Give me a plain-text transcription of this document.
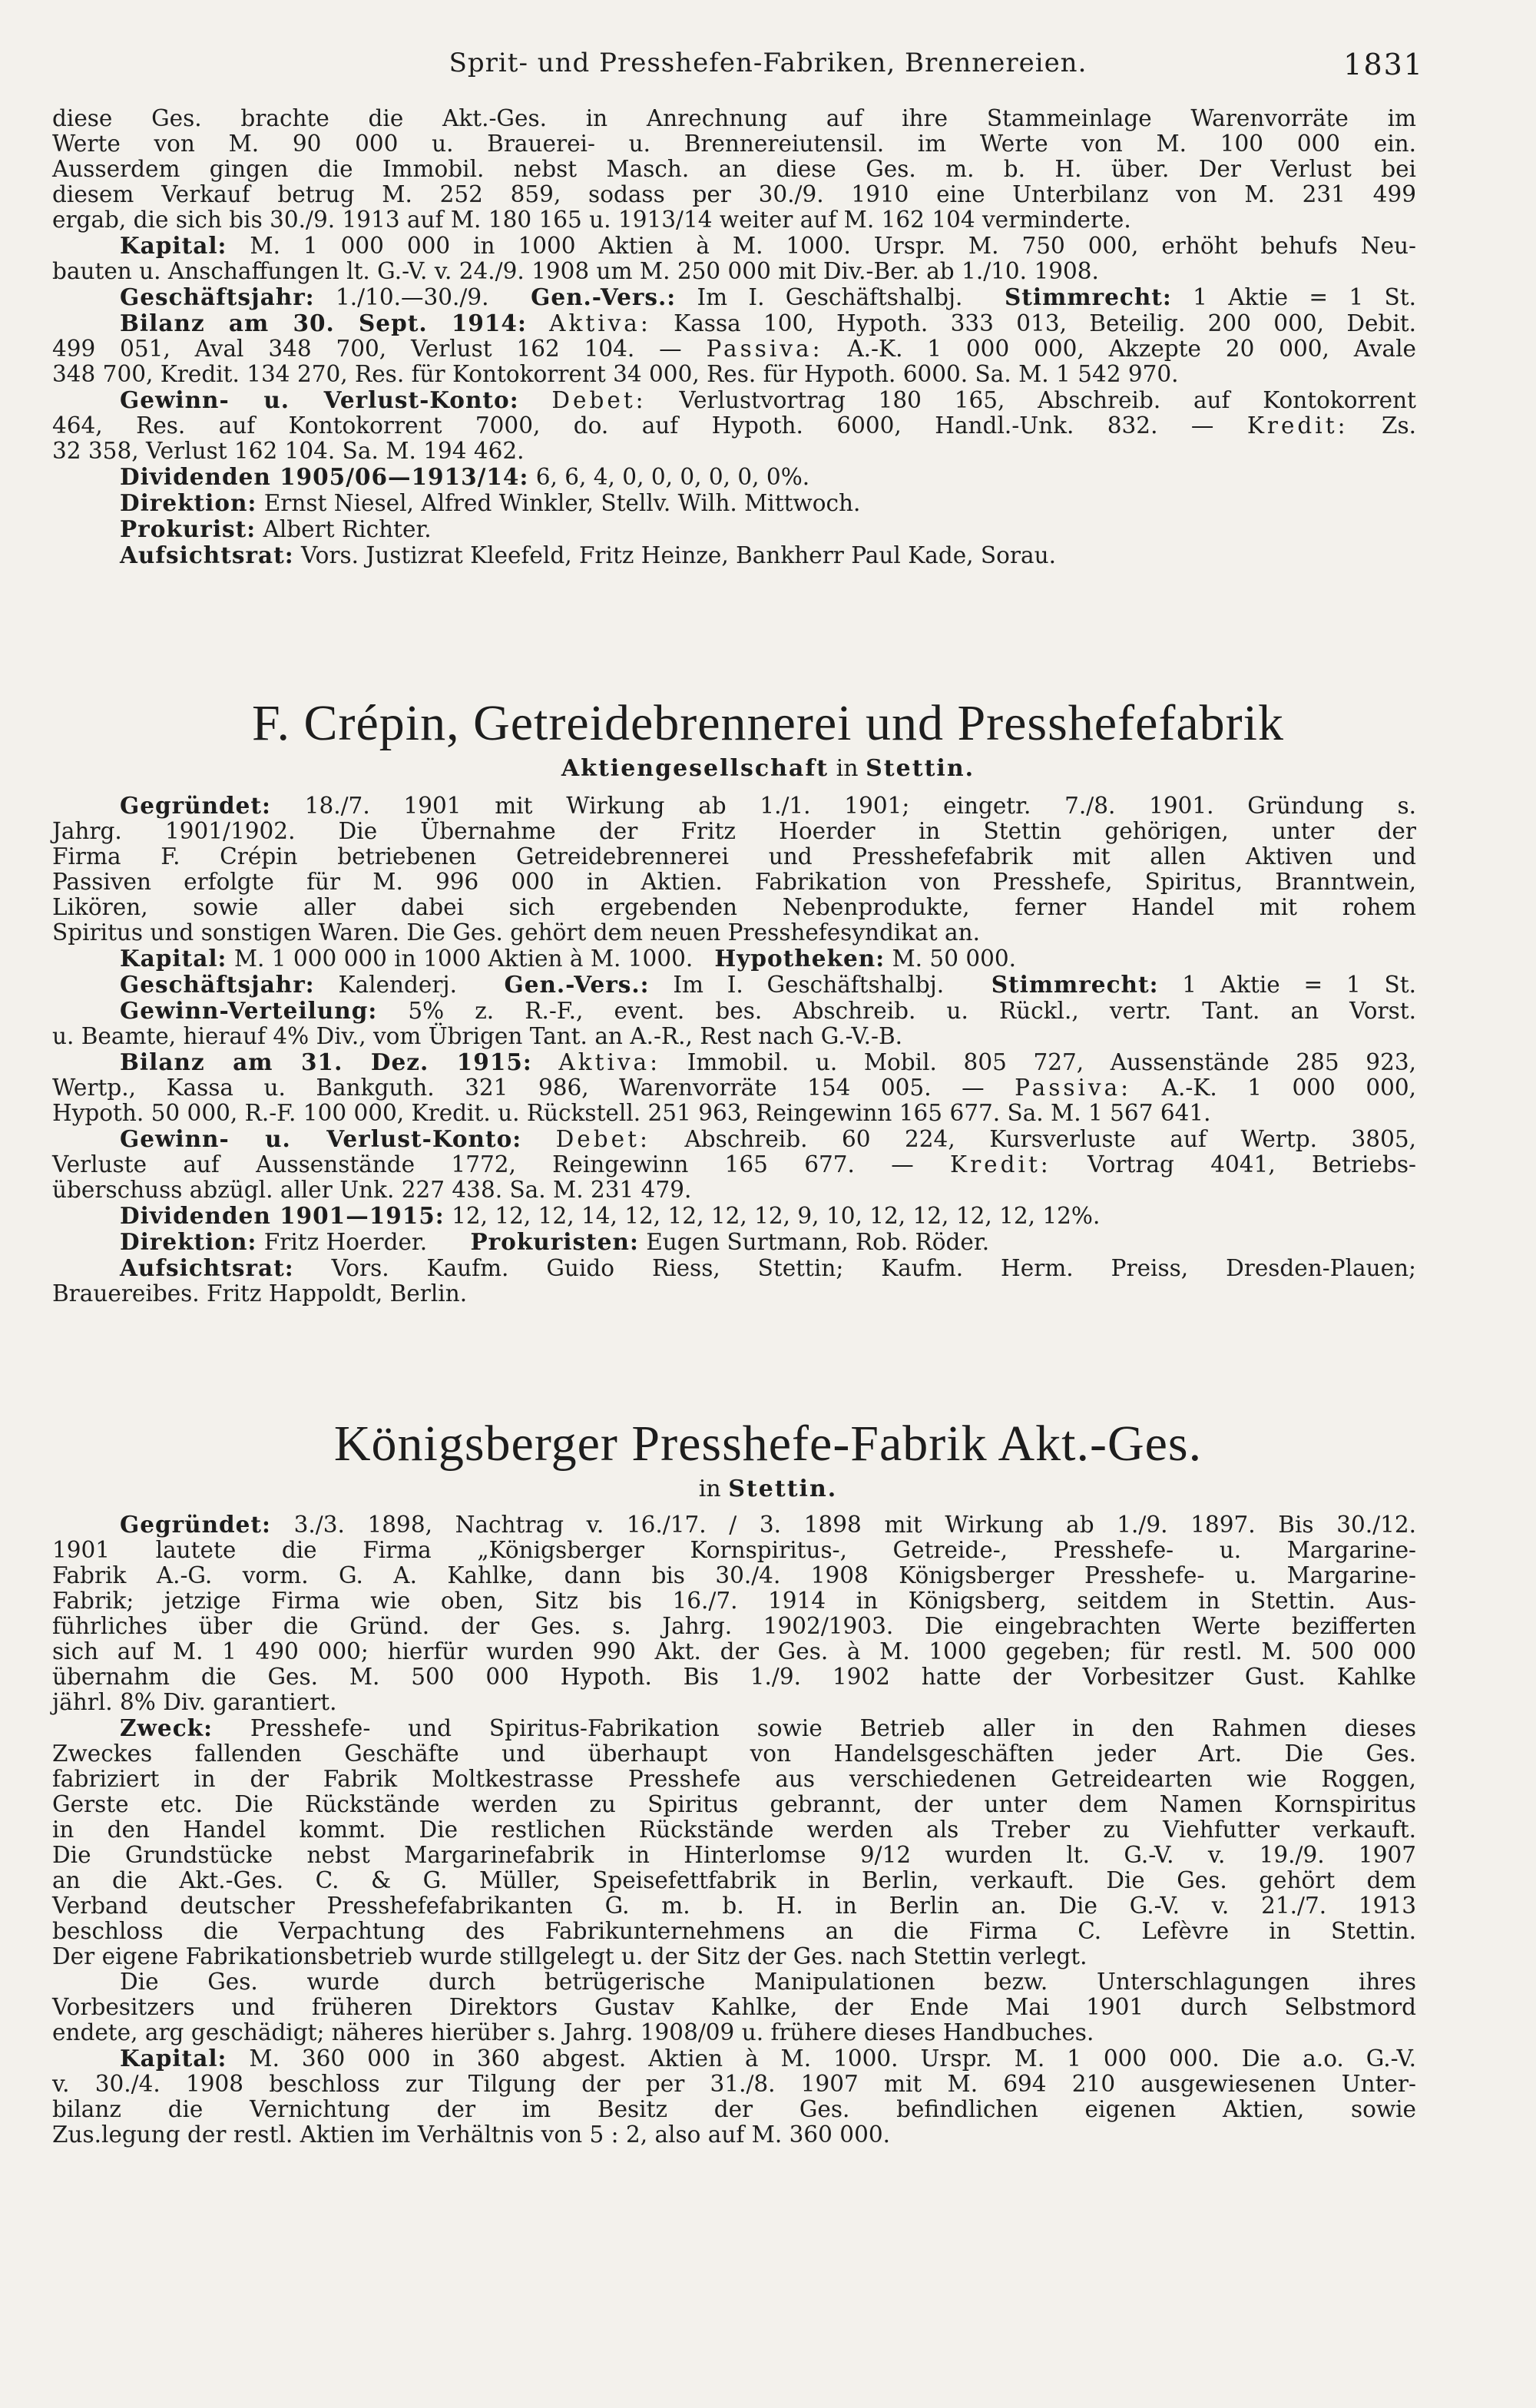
Sprit- und Presshefen-Fabriken, Brennereien.	1831

diese Ges. brachte die Akt.-Ges. in Anrechnung auf ihre Stammeinlage Warenvorräte im

Werte von M. 90 000 u. Brauerei- u. Brennereiutensil. im Werte von M. 100 000 ein.

Ausserdem gingen die Immobil. nebst Masch. an diese Ges. m. b. H. über. Der Verlust bei

diesem Verkauf betrug M. 252 859, sodass per 30./9. 1910 eine Unterbilanz von M. 231 499

ergab, die sich bis 30./9. 1913 auf M. 180 165 u. 1913/14 weiter auf M. 162 104 verminderte.

Kapital: M. 1 000 000 in 1000 Aktien à M. 1000. Urspr. M. 750 000, erhöht behufs Neu-

bauten u. Anschaffungen lt. G.-V. v. 24./9. 1908 um M. 250 000 mit Div.-Ber. ab 1./10. 1908.

Geschäftsjahr: 1./10.—30./9. Gen.-Vers.: Im I. Geschäftshalbj. Stimmrecht: 1 Aktie = 1 St.

Bilanz am 30. Sept. 1914: Aktiva: Kassa 100, Hypoth. 333 013, Beteilig. 200 000, Debit.

499 051, Aval 348 700, Verlust 162 104. — Passiva: A.-K. 1 000 000, Akzepte 20 000, Avale

348 700, Kredit. 134 270, Res. für Kontokorrent 34 000, Res. für Hypoth. 6000. Sa. M. 1 542 970.

Gewinn- u. Verlust-Konto: Debet: Verlustvortrag 180 165, Abschreib. auf Kontokorrent

464, Res. auf Kontokorrent 7000, do. auf Hypoth. 6000, Handl.-Unk. 832. — Kredit: Zs.

32 358, Verlust 162 104. Sa. M. 194 462.

Dividenden 1905/06—1913/14: 6, 6, 4, 0, 0, 0, 0, 0, 0%.

Direktion: Ernst Niesel, Alfred Winkler, Stellv. Wilh. Mittwoch.

Prokurist: Albert Richter.

Aufsichtsrat: Vors. Justizrat Kleefeld, Fritz Heinze, Bankherr Paul Kade, Sorau.

F. Crépin, Getreidebrennerei und Presshefefabrik
Aktiengesellschaft in Stettin.

Gegründet: 18./7. 1901 mit Wirkung ab 1./1. 1901; eingetr. 7./8. 1901. Gründung s.

Jahrg. 1901/1902. Die Übernahme der Fritz Hoerder in Stettin gehörigen, unter der

Firma F. Crépin betriebenen Getreidebrennerei und Presshefefabrik mit allen Aktiven und

Passiven erfolgte für M. 996 000 in Aktien. Fabrikation von Presshefe, Spiritus, Branntwein,

Likören, sowie aller dabei sich ergebenden Nebenprodukte, ferner Handel mit rohem

Spiritus und sonstigen Waren. Die Ges. gehört dem neuen Presshefesyndikat an.

Kapital: M. 1 000 000 in 1000 Aktien à M. 1000. Hypotheken: M. 50 000.

Geschäftsjahr: Kalenderj. Gen.-Vers.: Im I. Geschäftshalbj. Stimmrecht: 1 Aktie = 1 St.

Gewinn-Verteilung: 5% z. R.-F., event. bes. Abschreib. u. Rückl., vertr. Tant. an Vorst.

u. Beamte, hierauf 4% Div., vom Übrigen Tant. an A.-R., Rest nach G.-V.-B.

Bilanz am 31. Dez. 1915: Aktiva: Immobil. u. Mobil. 805 727, Aussenstände 285 923,

Wertp., Kassa u. Bankguth. 321 986, Warenvorräte 154 005. — Passiva: A.-K. 1 000 000,

Hypoth. 50 000, R.-F. 100 000, Kredit. u. Rückstell. 251 963, Reingewinn 165 677. Sa. M. 1 567 641.

Gewinn- u. Verlust-Konto: Debet: Abschreib. 60 224, Kursverluste auf Wertp. 3805,

Verluste auf Aussenstände 1772, Reingewinn 165 677. — Kredit: Vortrag 4041, Betriebs-

überschuss abzügl. aller Unk. 227 438. Sa. M. 231 479.

Dividenden 1901—1915: 12, 12, 12, 14, 12, 12, 12, 12, 9, 10, 12, 12, 12, 12, 12%.

Direktion: Fritz Hoerder. Prokuristen: Eugen Surtmann, Rob. Röder.

Aufsichtsrat: Vors. Kaufm. Guido Riess, Stettin; Kaufm. Herm. Preiss, Dresden-Plauen;

Brauereibes. Fritz Happoldt, Berlin.

Königsberger Presshefe-Fabrik Akt.-Ges.
in Stettin.

Gegründet: 3./3. 1898, Nachtrag v. 16./17. / 3. 1898 mit Wirkung ab 1./9. 1897. Bis 30./12.

1901 lautete die Firma „Königsberger Kornspiritus-, Getreide-, Presshefe- u. Margarine-

Fabrik A.-G. vorm. G. A. Kahlke, dann bis 30./4. 1908 Königsberger Presshefe- u. Margarine-

Fabrik; jetzige Firma wie oben, Sitz bis 16./7. 1914 in Königsberg, seitdem in Stettin. Aus-

führliches über die Gründ. der Ges. s. Jahrg. 1902/1903. Die eingebrachten Werte bezifferten

sich auf M. 1 490 000; hierfür wurden 990 Akt. der Ges. à M. 1000 gegeben; für restl. M. 500 000

übernahm die Ges. M. 500 000 Hypoth. Bis 1./9. 1902 hatte der Vorbesitzer Gust. Kahlke

jährl. 8% Div. garantiert.

Zweck: Presshefe- und Spiritus-Fabrikation sowie Betrieb aller in den Rahmen dieses

Zweckes fallenden Geschäfte und überhaupt von Handelsgeschäften jeder Art. Die Ges.

fabriziert in der Fabrik Moltkestrasse Presshefe aus verschiedenen Getreidearten wie Roggen,

Gerste etc. Die Rückstände werden zu Spiritus gebrannt, der unter dem Namen Kornspiritus

in den Handel kommt. Die restlichen Rückstände werden als Treber zu Viehfutter verkauft.

Die Grundstücke nebst Margarinefabrik in Hinterlomse 9/12 wurden lt. G.-V. v. 19./9. 1907

an die Akt.-Ges. C. & G. Müller, Speisefettfabrik in Berlin, verkauft. Die Ges. gehört dem

Verband deutscher Presshefefabrikanten G. m. b. H. in Berlin an. Die G.-V. v. 21./7. 1913

beschloss die Verpachtung des Fabrikunternehmens an die Firma C. Lefèvre in Stettin.

Der eigene Fabrikationsbetrieb wurde stillgelegt u. der Sitz der Ges. nach Stettin verlegt.

Die Ges. wurde durch betrügerische Manipulationen bezw. Unterschlagungen ihres

Vorbesitzers und früheren Direktors Gustav Kahlke, der Ende Mai 1901 durch Selbstmord

endete, arg geschädigt; näheres hierüber s. Jahrg. 1908/09 u. frühere dieses Handbuches.

Kapital: M. 360 000 in 360 abgest. Aktien à M. 1000. Urspr. M. 1 000 000. Die a.o. G.-V.

v. 30./4. 1908 beschloss zur Tilgung der per 31./8. 1907 mit M. 694 210 ausgewiesenen Unter-

bilanz die Vernichtung der im Besitz der Ges. befindlichen eigenen Aktien, sowie

Zus.legung der restl. Aktien im Verhältnis von 5 : 2, also auf M. 360 000.
